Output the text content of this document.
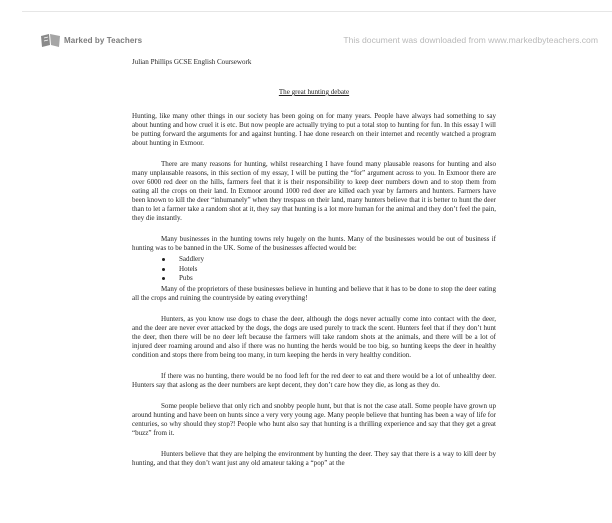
Marked by Teachers	This document was downloaded from www.markedbyteachers.com

Julian Phillips GCSE English Coursework

The great hunting debate

Hunting, like many other things in our society has been going on for many years. People have always had something to say about hunting and how cruel it is etc. But now people are actually trying to put a total stop to hunting for fun. In this essay I will be putting forward the arguments for and against hunting. I hae done research on their internet and recently watched a program about hunting in Exmoor.

There are many reasons for hunting, whilst researching I have found many plausable reasons for hunting and also many unplausable reasons, in this section of my essay, I will be putting the “for” argument across to you. In Exmoor there are over 6000 red deer on the hills, farmers feel that it is their responsibility to keep deer numbers down and to stop them from eating all the crops on their land. In Exmoor around 1000 red deer are killed each year by farmers and hunters. Farmers have been known to kill the deer “inhumanely” when they trespass on their land, many hunters believe that it is better to hunt the deer than to let a farmer take a random shot at it, they say that hunting is a lot more human for the animal and they don’t feel the pain, they die instantly.

Many businesses in the hunting towns rely hugely on the hunts. Many of the businesses would be out of business if hunting was to be banned in the UK. Some of the businesses affected would be:

Saddlery
Hotels
Pubs

Many of the proprietors of these businesses believe in hunting and believe that it has to be done to stop the deer eating all the crops and ruining the countryside by eating everything!

Hunters, as you know use dogs to chase the deer, although the dogs never actually come into contact with the deer, and the deer are never ever attacked by the dogs, the dogs are used purely to track the scent. Hunters feel that if they don’t hunt the deer, then there will be no deer left because the farmers will take random shots at the animals, and there will be a lot of injured deer roaming around and also if there was no hunting the herds would be too big, so hunting keeps the deer in healthy condition and stops there from being too many, in turn keeping the herds in very healthy condition.

If there was no hunting, there would be no food left for the red deer to eat and there would be a lot of unhealthy deer. Hunters say that aslong as the deer numbers are kept decent, they don’t care how they die, as long as they do.

Some people believe that only rich and snobby people hunt, but that is not the case atall. Some people have grown up around hunting and have been on hunts since a very very young age. Many people believe that hunting has been a way of life for centuries, so why should they stop?! People who hunt also say that hunting is a thrilling experience and say that they get a great “buzz” from it.

Hunters believe that they are helping the environment by hunting the deer. They say that there is a way to kill deer by hunting, and that they don’t want just any old amateur taking a “pop” at the
